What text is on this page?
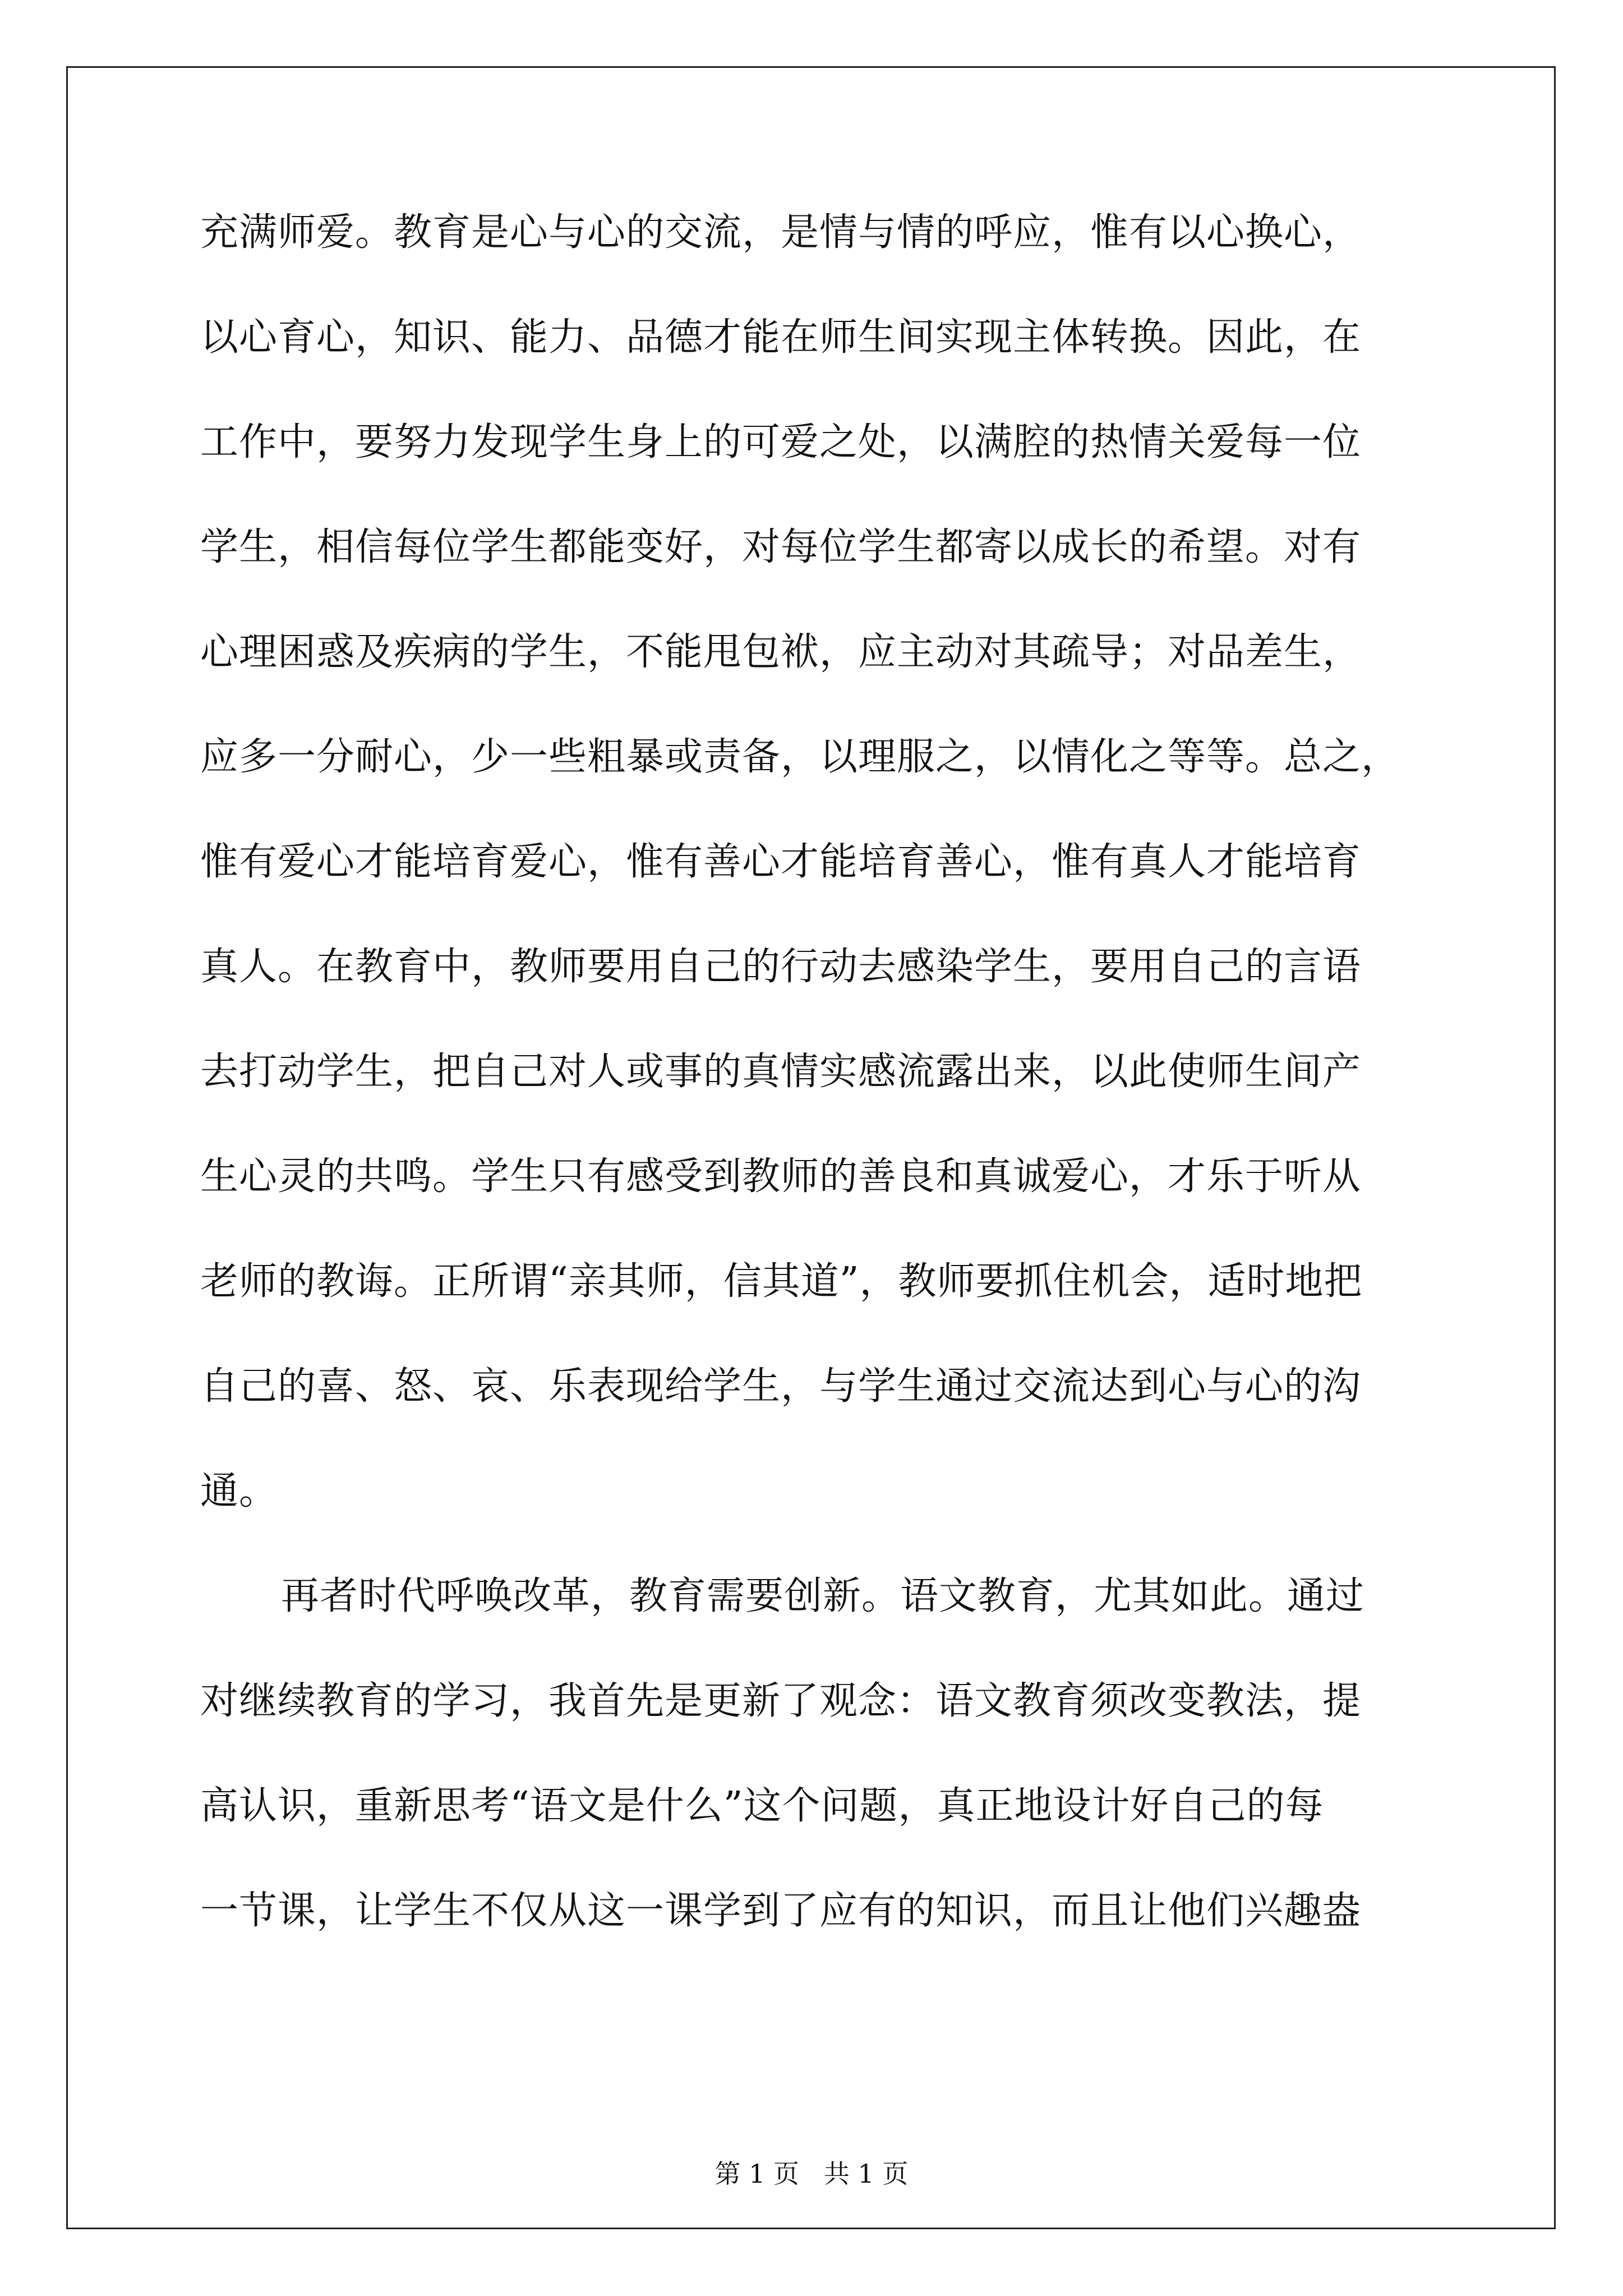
充满师爱。教育是心与心的交流，是情与情的呼应，惟有以心换心，
以心育心，知识、能力、品德才能在师生间实现主体转换。因此，在
工作中，要努力发现学生身上的可爱之处，以满腔的热情关爱每一位
学生，相信每位学生都能变好，对每位学生都寄以成长的希望。对有
心理困惑及疾病的学生，不能甩包袱，应主动对其疏导；对品差生，
应多一分耐心，少一些粗暴或责备，以理服之，以情化之等等。总之，
惟有爱心才能培育爱心，惟有善心才能培育善心，惟有真人才能培育
真人。在教育中，教师要用自己的行动去感染学生，要用自己的言语
去打动学生，把自己对人或事的真情实感流露出来，以此使师生间产
生心灵的共鸣。学生只有感受到教师的善良和真诚爱心，才乐于听从
老师的教诲。正所谓“亲其师，信其道”，教师要抓住机会，适时地把
自己的喜、怒、哀、乐表现给学生，与学生通过交流达到心与心的沟
通。
再者时代呼唤改革，教育需要创新。语文教育，尤其如此。通过
对继续教育的学习，我首先是更新了观念：语文教育须改变教法，提
高认识，重新思考“语文是什么”这个问题，真正地设计好自己的每
一节课，让学生不仅从这一课学到了应有的知识，而且让他们兴趣盎
第 1 页   共 1 页
